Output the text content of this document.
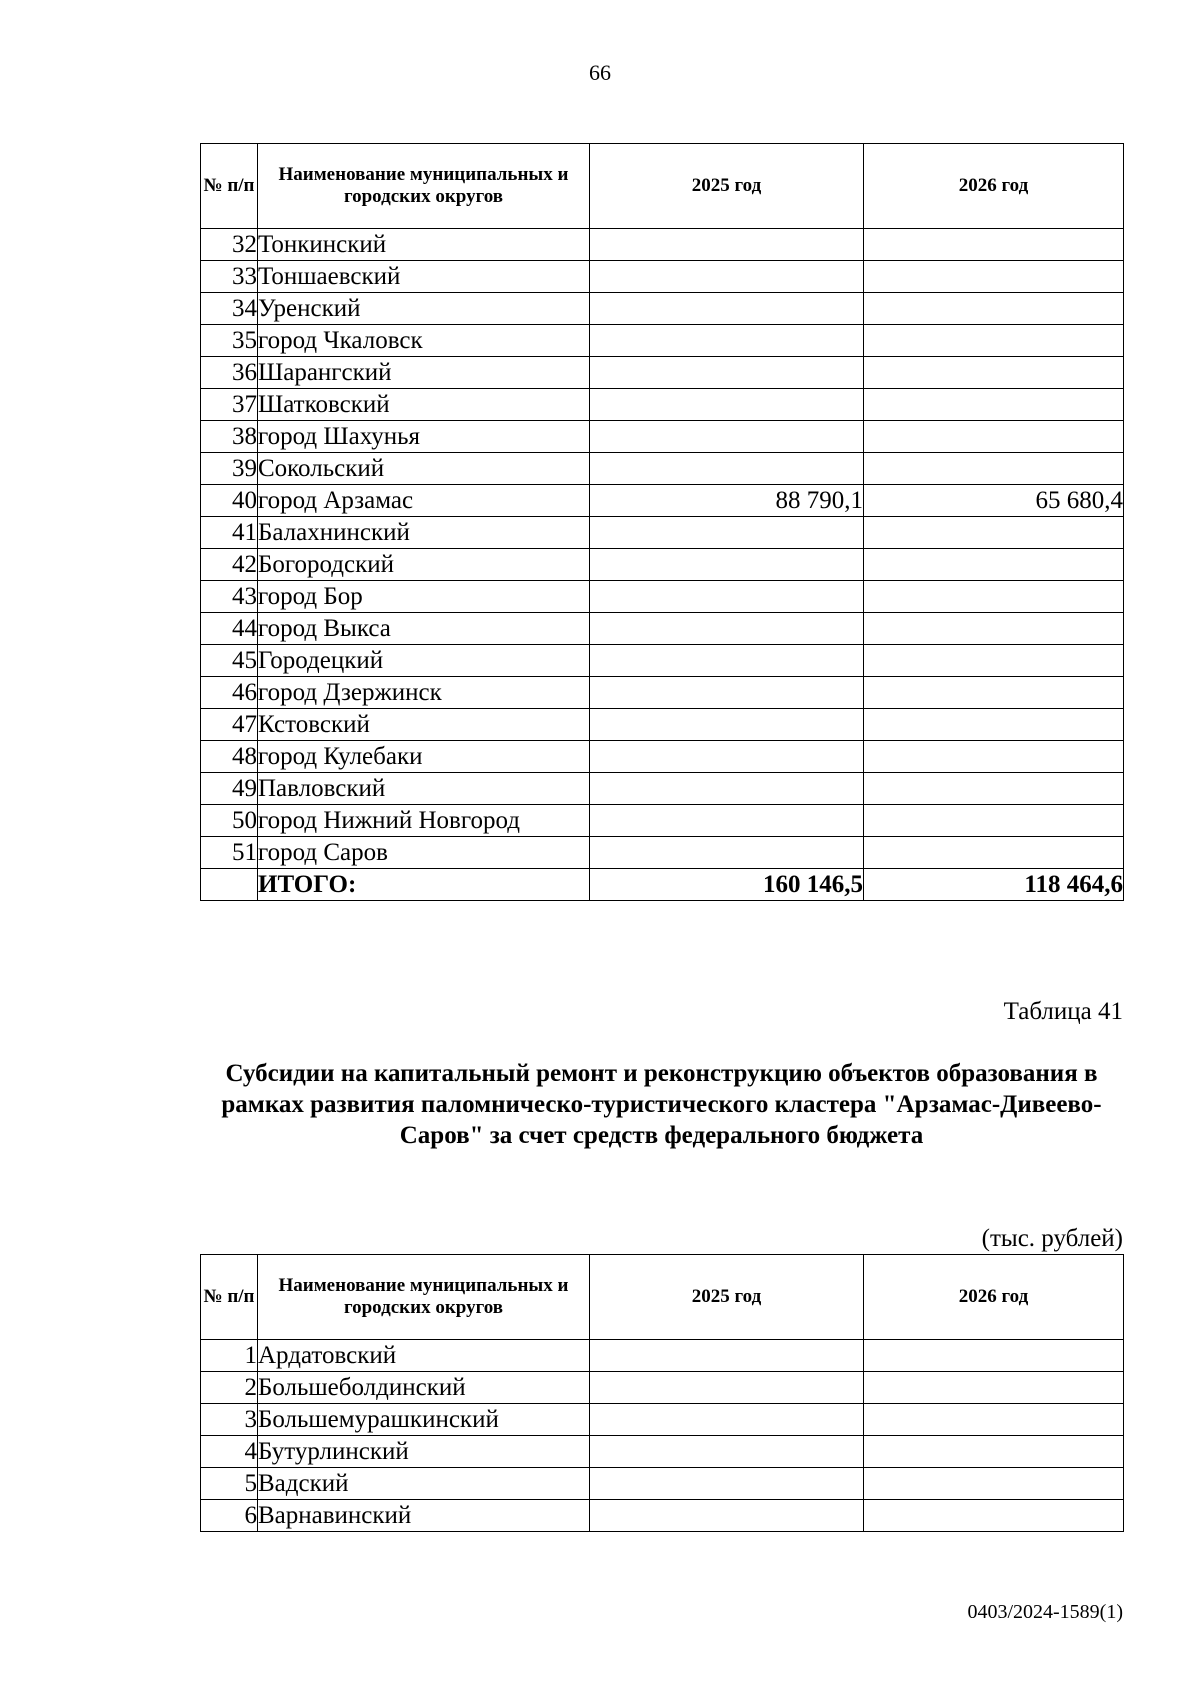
66
№ п/п	Наименование муниципальных и городских округов	2025 год	2026 год
32	Тонкинский		
33	Тоншаевский		
34	Уренский		
35	город Чкаловск		
36	Шарангский		
37	Шатковский		
38	город Шахунья		
39	Сокольский		
40	город Арзамас	88 790,1	65 680,4
41	Балахнинский		
42	Богородский		
43	город Бор		
44	город Выкса		
45	Городецкий		
46	город Дзержинск		
47	Кстовский		
48	город Кулебаки		
49	Павловский		
50	город Нижний Новгород		
51	город Саров		
	ИТОГО:	160 146,5	118 464,6
Таблица 41
Субсидии на капитальный ремонт и реконструкцию объектов образования в рамках развития паломническо-туристического кластера "Арзамас-Дивеево-Саров" за счет средств федерального бюджета
(тыс. рублей)
№ п/п	Наименование муниципальных и городских округов	2025 год	2026 год
1	Ардатовский		
2	Большеболдинский		
3	Большемурашкинский		
4	Бутурлинский		
5	Вадский		
6	Варнавинский		
0403/2024-1589(1)
